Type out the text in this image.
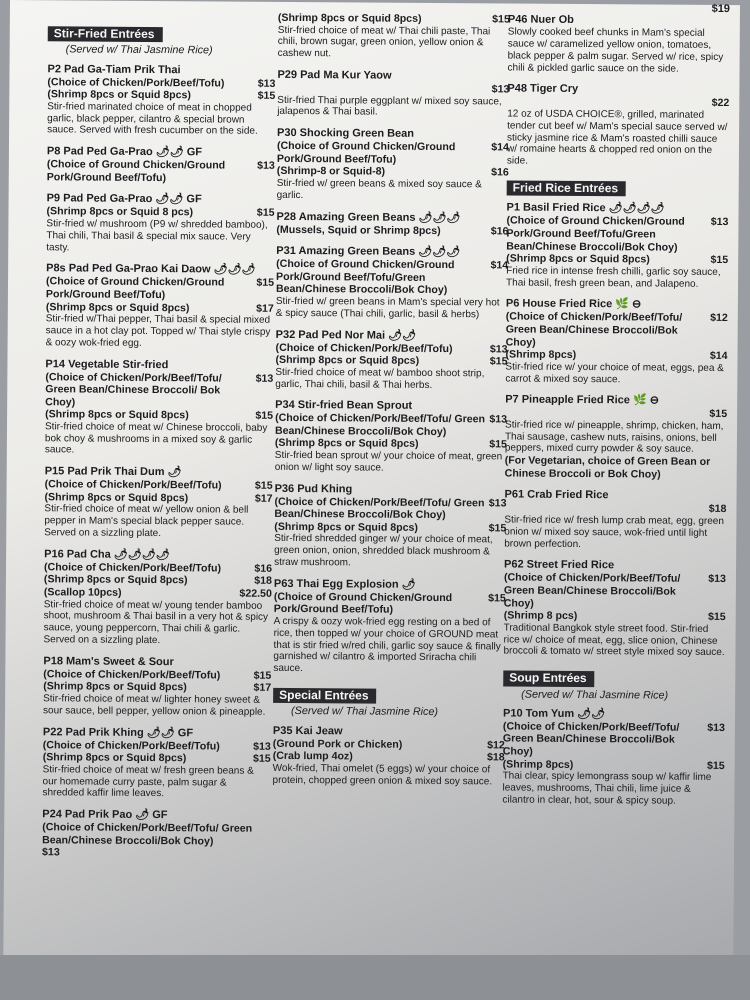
Stir-Fried Entrées
(Served w/ Thai Jasmine Rice)
P2 Pad Ga-Tiam Prik Thai
(Choice of Chicken/Pork/Beef/Tofu)	$13
(Shrimp 8pcs or Squid 8pcs)	$15
Stir-fried marinated choice of meat in chopped garlic, black pepper, cilantro & special brown sauce. Served with fresh cucumber on the side.
P8 Pad Ped Ga-Prao 🌶🌶 GF
(Choice of Ground Chicken/Ground Pork/Ground Beef/Tofu)
$13
P9 Pad Ped Ga-Prao 🌶🌶 GF
(Shrimp 8pcs or Squid 8 pcs)	$15
Stir-fried w/ mushroom (P9 w/ shredded bamboo), Thai chili, Thai basil & special mix sauce. Very tasty.
P8s Pad Ped Ga-Prao Kai Daow 🌶🌶🌶
(Choice of Ground Chicken/Ground Pork/Ground Beef/Tofu)
$15
(Shrimp 8pcs or Squid 8pcs)	$17
Stir-fried w/Thai pepper, Thai basil & special mixed sauce in a hot clay pot. Topped w/ Thai style crispy & oozy wok-fried egg.
P14 Vegetable Stir-fried
(Choice of Chicken/Pork/Beef/Tofu/ Green Bean/Chinese Broccoli/ Bok Choy)
$13
(Shrimp 8pcs or Squid 8pcs)	$15
Stir-fried choice of meat w/ Chinese broccoli, baby bok choy & mushrooms in a mixed soy & garlic sauce.
P15 Pad Prik Thai Dum 🌶
(Choice of Chicken/Pork/Beef/Tofu)	$15
(Shrimp 8pcs or Squid 8pcs)	$17
Stir-fried choice of meat w/ yellow onion & bell pepper in Mam's special black pepper sauce. Served on a sizzling plate.
P16 Pad Cha 🌶🌶🌶🌶
(Choice of Chicken/Pork/Beef/Tofu)	$16
(Shrimp 8pcs or Squid 8pcs)	$18
(Scallop 10pcs)	$22.50
Stir-fried choice of meat w/ young tender bamboo shoot, mushroom & Thai basil in a very hot & spicy sauce, young peppercorn, Thai chili & garlic. Served on a sizzling plate.
P18 Mam's Sweet & Sour
(Choice of Chicken/Pork/Beef/Tofu)	$15
(Shrimp 8pcs or Squid 8pcs)	$17
Stir-fried choice of meat w/ lighter honey sweet & sour sauce, bell pepper, yellow onion & pineapple.
P22 Pad Prik Khing 🌶🌶 GF
(Choice of Chicken/Pork/Beef/Tofu)	$13
(Shrimp 8pcs or Squid 8pcs)	$15
Stir-fried choice of meat w/ fresh green beans & our homemade curry paste, palm sugar & shredded kaffir lime leaves.
P24 Pad Prik Pao 🌶 GF
(Choice of Chicken/Pork/Beef/Tofu/ Green Bean/Chinese Broccoli/Bok Choy)
$13
(Shrimp 8pcs or Squid 8pcs)	$15
Stir-fried choice of meat w/ Thai chili paste, Thai chili, brown sugar, green onion, yellow onion & cashew nut.
P29 Pad Ma Kur Yaow
$13
Stir-fried Thai purple eggplant w/ mixed soy sauce, jalapenos & Thai basil.
P30 Shocking Green Bean
(Choice of Ground Chicken/Ground Pork/Ground Beef/Tofu)
$14
(Shrimp-8 or Squid-8)	$16
Stir-fried w/ green beans & mixed soy sauce & garlic.
P28 Amazing Green Beans 🌶🌶🌶
(Mussels, Squid or Shrimp 8pcs)	$16
P31 Amazing Green Beans 🌶🌶🌶
(Choice of Ground Chicken/Ground Pork/Ground Beef/Tofu/Green Bean/Chinese Broccoli/Bok Choy)
$14
Stir-fried w/ green beans in Mam's special very hot & spicy sauce (Thai chili, garlic, basil & herbs)
P32 Pad Ped Nor Mai 🌶🌶
(Choice of Chicken/Pork/Beef/Tofu)	$13
(Shrimp 8pcs or Squid 8pcs)	$15
Stir-fried choice of meat w/ bamboo shoot strip, garlic, Thai chili, basil & Thai herbs.
P34 Stir-fried Bean Sprout
(Choice of Chicken/Pork/Beef/Tofu/ Green Bean/Chinese Broccoli/Bok Choy)
$13
(Shrimp 8pcs or Squid 8pcs)	$15
Stir-fried bean sprout w/ your choice of meat, green onion w/ light soy sauce.
P36 Pud Khing
(Choice of Chicken/Pork/Beef/Tofu/ Green Bean/Chinese Broccoli/Bok Choy)
$13
(Shrimp 8pcs or Squid 8pcs)	$15
Stir-fried shredded ginger w/ your choice of meat, green onion, onion, shredded black mushroom & straw mushroom.
P63 Thai Egg Explosion 🌶
(Choice of Ground Chicken/Ground Pork/Ground Beef/Tofu)
$15
A crispy & oozy wok-fried egg resting on a bed of rice, then topped w/ your choice of GROUND meat that is stir fried w/red chili, garlic soy sauce & finally garnished w/ cilantro & imported Sriracha chili sauce.
Special Entrées
(Served w/ Thai Jasmine Rice)
P35 Kai Jeaw
(Ground Pork or Chicken)	$12
(Crab lump 4oz)	$18
Wok-fried, Thai omelet (5 eggs) w/ your choice of protein, chopped green onion & mixed soy sauce.
$19
P46 Nuer Ob
Slowly cooked beef chunks in Mam's special sauce w/ caramelized yellow onion, tomatoes, black pepper & palm sugar. Served w/ rice, spicy chili & pickled garlic sauce on the side.
P48 Tiger Cry
$22
12 oz of USDA CHOICE®, grilled, marinated tender cut beef w/ Mam's special sauce served w/ sticky jasmine rice & Mam's roasted chilli sauce w/ romaine hearts & chopped red onion on the side.
Fried Rice Entrées
P1 Basil Fried Rice 🌶🌶🌶🌶
(Choice of Ground Chicken/Ground Pork/Ground Beef/Tofu/Green Bean/Chinese Broccoli/Bok Choy)
$13
(Shrimp 8pcs or Squid 8pcs)	$15
Fried rice in intense fresh chilli, garlic soy sauce, Thai basil, fresh green bean, and Jalapeno.
P6 House Fried Rice 🌿 ⊖
(Choice of Chicken/Pork/Beef/Tofu/ Green Bean/Chinese Broccoli/Bok Choy)
$12
(Shrimp 8pcs)	$14
Stir-fried rice w/ your choice of meat, eggs, pea & carrot & mixed soy sauce.
P7 Pineapple Fried Rice 🌿 ⊖
$15
Stir-fried rice w/ pineapple, shrimp, chicken, ham, Thai sausage, cashew nuts, raisins, onions, bell peppers, mixed curry powder & soy sauce.
(For Vegetarian, choice of Green Bean or Chinese Broccoli or Bok Choy)
P61 Crab Fried Rice
$18
Stir-fried rice w/ fresh lump crab meat, egg, green onion w/ mixed soy sauce, wok-fried until light brown perfection.
P62 Street Fried Rice
(Choice of Chicken/Pork/Beef/Tofu/ Green Bean/Chinese Broccoli/Bok Choy)
$13
(Shrimp 8 pcs)	$15
Traditional Bangkok style street food. Stir-fried rice w/ choice of meat, egg, slice onion, Chinese broccoli & tomato w/ street style mixed soy sauce.
Soup Entrées
(Served w/ Thai Jasmine Rice)
P10 Tom Yum 🌶🌶
(Choice of Chicken/Pork/Beef/Tofu/ Green Bean/Chinese Broccoli/Bok Choy)
$13
(Shrimp 8pcs)	$15
Thai clear, spicy lemongrass soup w/ kaffir lime leaves, mushrooms, Thai chili, lime juice & cilantro in clear, hot, sour & spicy soup.
